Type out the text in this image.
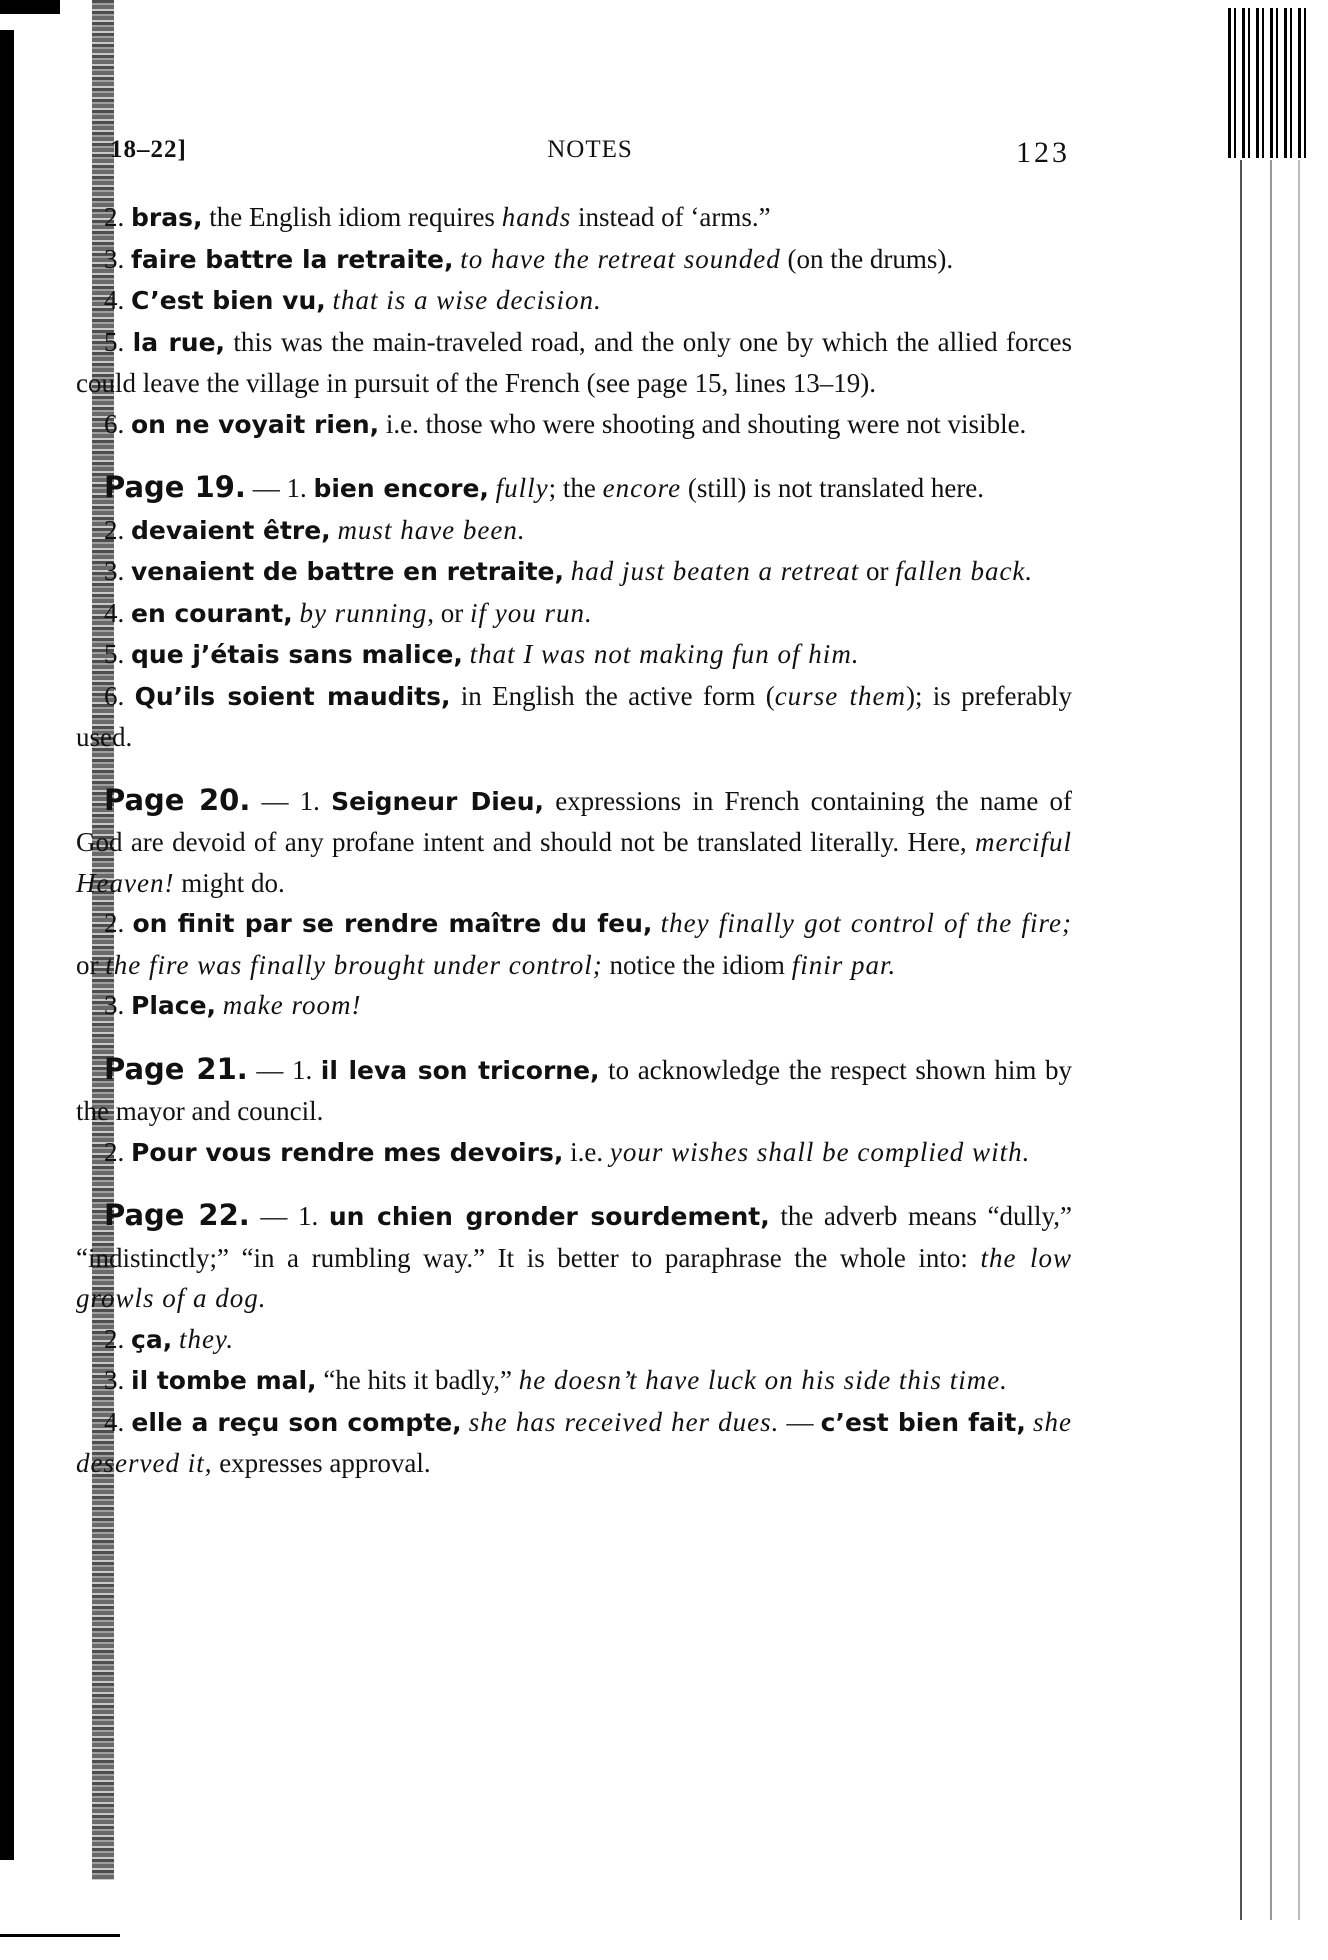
18–22]	NOTES	123

2. bras, the English idiom requires hands instead of ‘arms.”

3. faire battre la retraite, to have the retreat sounded (on the drums).

4. C’est bien vu, that is a wise decision.

5. la rue, this was the main-traveled road, and the only one by which the allied forces could leave the village in pursuit of the French (see page 15, lines 13–19).

6. on ne voyait rien, i.e. those who were shooting and shouting were not visible.

Page 19. — 1. bien encore, fully; the encore (still) is not translated here.

2. devaient être, must have been.

3. venaient de battre en retraite, had just beaten a retreat or fallen back.

4. en courant, by running, or if you run.

5. que j’étais sans malice, that I was not making fun of him.

6. Qu’ils soient maudits, in English the active form (curse them); is preferably used.

Page 20. — 1. Seigneur Dieu, expressions in French containing the name of God are devoid of any profane intent and should not be translated literally. Here, merciful Heaven! might do.

2. on finit par se rendre maître du feu, they finally got control of the fire; or the fire was finally brought under control; notice the idiom finir par.

3. Place, make room!

Page 21. — 1. il leva son tricorne, to acknowledge the respect shown him by the mayor and council.

2. Pour vous rendre mes devoirs, i.e. your wishes shall be complied with.

Page 22. — 1. un chien gronder sourdement, the adverb means “dully,” “indistinctly;” “in a rumbling way.” It is better to paraphrase the whole into: the low growls of a dog.

2. ça, they.

3. il tombe mal, “he hits it badly,” he doesn’t have luck on his side this time.

4. elle a reçu son compte, she has received her dues. — c’est bien fait, she deserved it, expresses approval.
